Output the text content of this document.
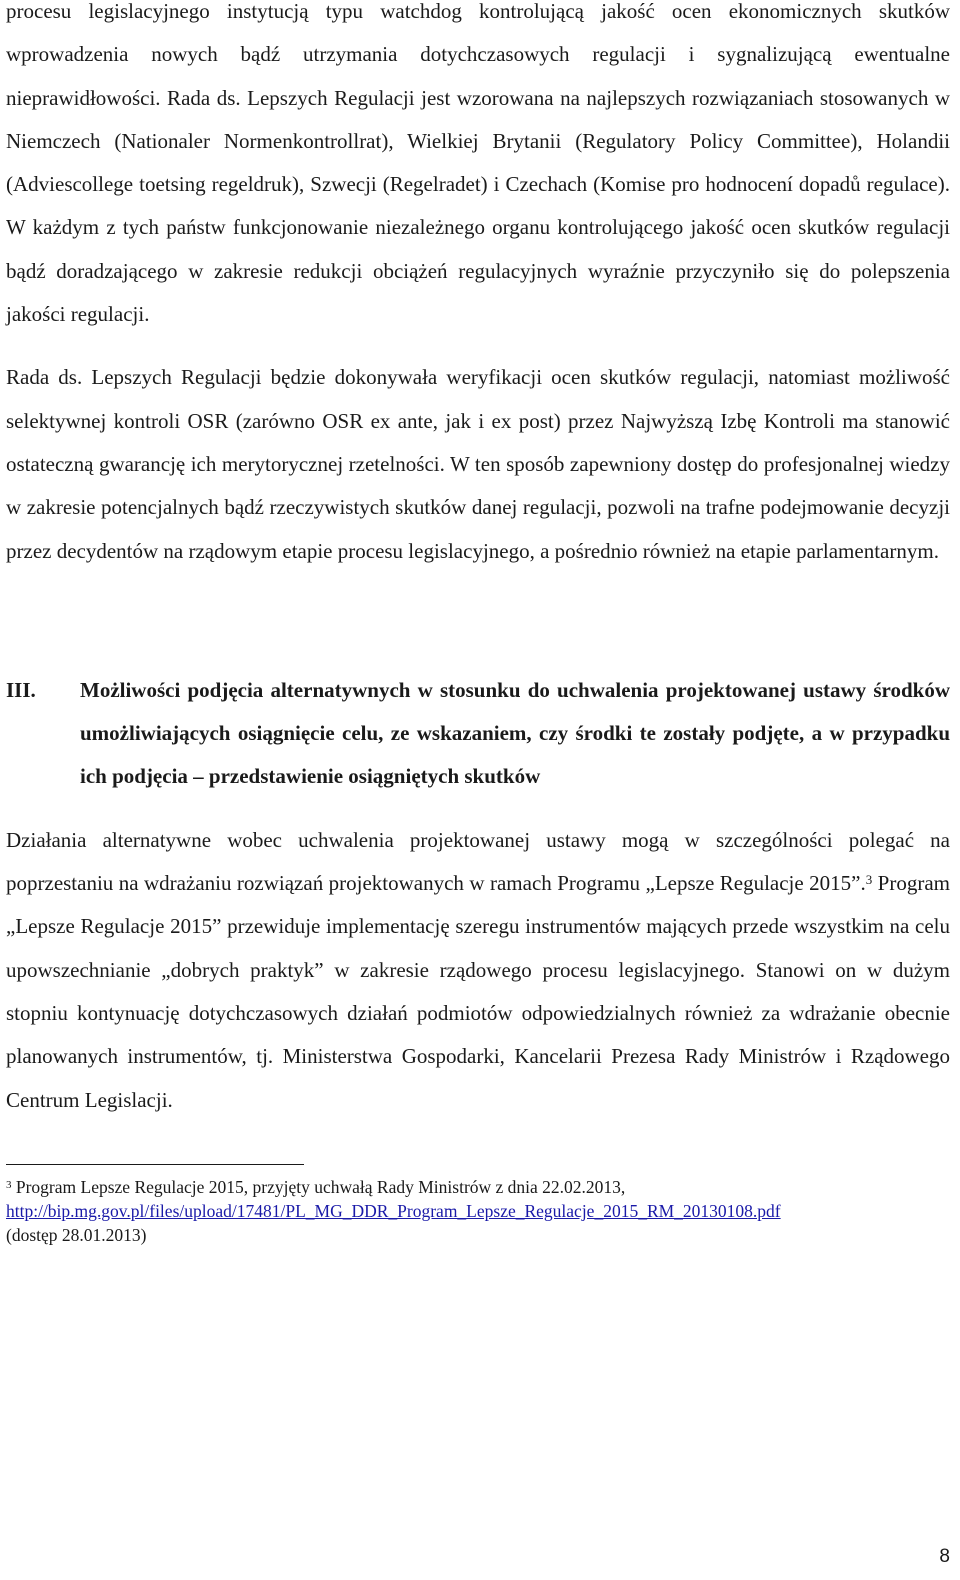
procesu legislacyjnego instytucją typu watchdog kontrolującą jakość ocen ekonomicznych skutków wprowadzenia nowych bądź utrzymania dotychczasowych regulacji i sygnalizującą ewentualne nieprawidłowości. Rada ds. Lepszych Regulacji jest wzorowana na najlepszych rozwiązaniach stosowanych w Niemczech (Nationaler Normenkontrollrat), Wielkiej Brytanii (Regulatory Policy Committee), Holandii (Adviescollege toetsing regeldruk), Szwecji (Regelradet) i Czechach (Komise pro hodnocení dopadů regulace). W każdym z tych państw funkcjonowanie niezależnego organu kontrolującego jakość ocen skutków regulacji bądź doradzającego w zakresie redukcji obciążeń regulacyjnych wyraźnie przyczyniło się do polepszenia jakości regulacji.

Rada ds. Lepszych Regulacji będzie dokonywała weryfikacji ocen skutków regulacji, natomiast możliwość selektywnej kontroli OSR (zarówno OSR ex ante, jak i ex post) przez Najwyższą Izbę Kontroli ma stanowić ostateczną gwarancję ich merytorycznej rzetelności. W ten sposób zapewniony dostęp do profesjonalnej wiedzy w zakresie potencjalnych bądź rzeczywistych skutków danej regulacji, pozwoli na trafne podejmowanie decyzji przez decydentów na rządowym etapie procesu legislacyjnego, a pośrednio również na etapie parlamentarnym.

III.	Możliwości podjęcia alternatywnych w stosunku do uchwalenia projektowanej ustawy środków umożliwiających osiągnięcie celu, ze wskazaniem, czy środki te zostały podjęte, a w przypadku ich podjęcia – przedstawienie osiągniętych skutków

Działania alternatywne wobec uchwalenia projektowanej ustawy mogą w szczególności polegać na poprzestaniu na wdrażaniu rozwiązań projektowanych w ramach Programu „Lepsze Regulacje 2015”.$^3$ Program „Lepsze Regulacje 2015” przewiduje implementację szeregu instrumentów mających przede wszystkim na celu upowszechnianie „dobrych praktyk” w zakresie rządowego procesu legislacyjnego. Stanowi on w dużym stopniu kontynuację dotychczasowych działań podmiotów odpowiedzialnych również za wdrażanie obecnie planowanych instrumentów, tj. Ministerstwa Gospodarki, Kancelarii Prezesa Rady Ministrów i Rządowego Centrum Legislacji.

$^3$ Program Lepsze Regulacje 2015, przyjęty uchwałą Rady Ministrów z dnia 22.02.2013,
http://bip.mg.gov.pl/files/upload/17481/PL_MG_DDR_Program_Lepsze_Regulacje_2015_RM_20130108.pdf
(dostęp 28.01.2013)
8
